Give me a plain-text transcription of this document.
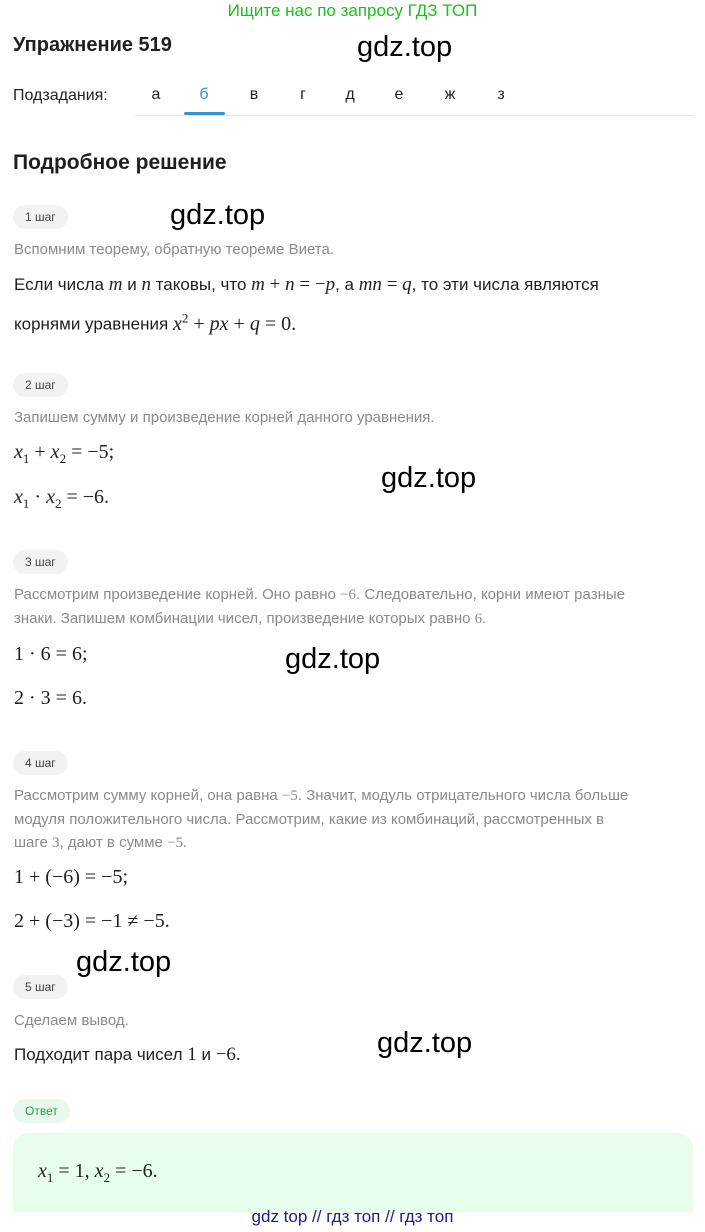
Ищите нас по запросу ГДЗ ТОП
Упражнение 519	gdz.top
gdz.top
gdz.top
gdz.top
gdz.top
gdz.top
Подзадания:	а б	в	г д е	ж	з
Подробное решение
1 шаг
Вспомним теорему, обратную теореме Виета.
Если числа m и n таковы, что m + n = −p, а mn = q, то эти числа являются
корнями уравнения $x^2$ + px + q = 0.
2 шаг
Запишем сумму и произведение корней данного уравнения.
$x_1 + x_2 = -5$;
$x_1 \cdot x_2 = -6$.
3 шаг
Рассмотрим произведение корней. Оно равно −6. Следовательно, корни имеют разные
знаки. Запишем комбинации чисел, произведение которых равно 6.
1 · 6 = 6;
2 · 3 = 6.
4 шаг
Рассмотрим сумму корней, она равна −5. Значит, модуль отрицательного числа больше
модуля положительного числа. Рассмотрим, какие из комбинаций, рассмотренных в
шаге 3, дают в сумме −5.
1 + (−6) = −5;
2 + (−3) = −1 ≠ −5.
5 шаг
Сделаем вывод.
Подходит пара чисел 1 и −6.
Ответ
$x_1 = 1$, $x_2 = -6$.
gdz top // гдз топ // гдз топ
